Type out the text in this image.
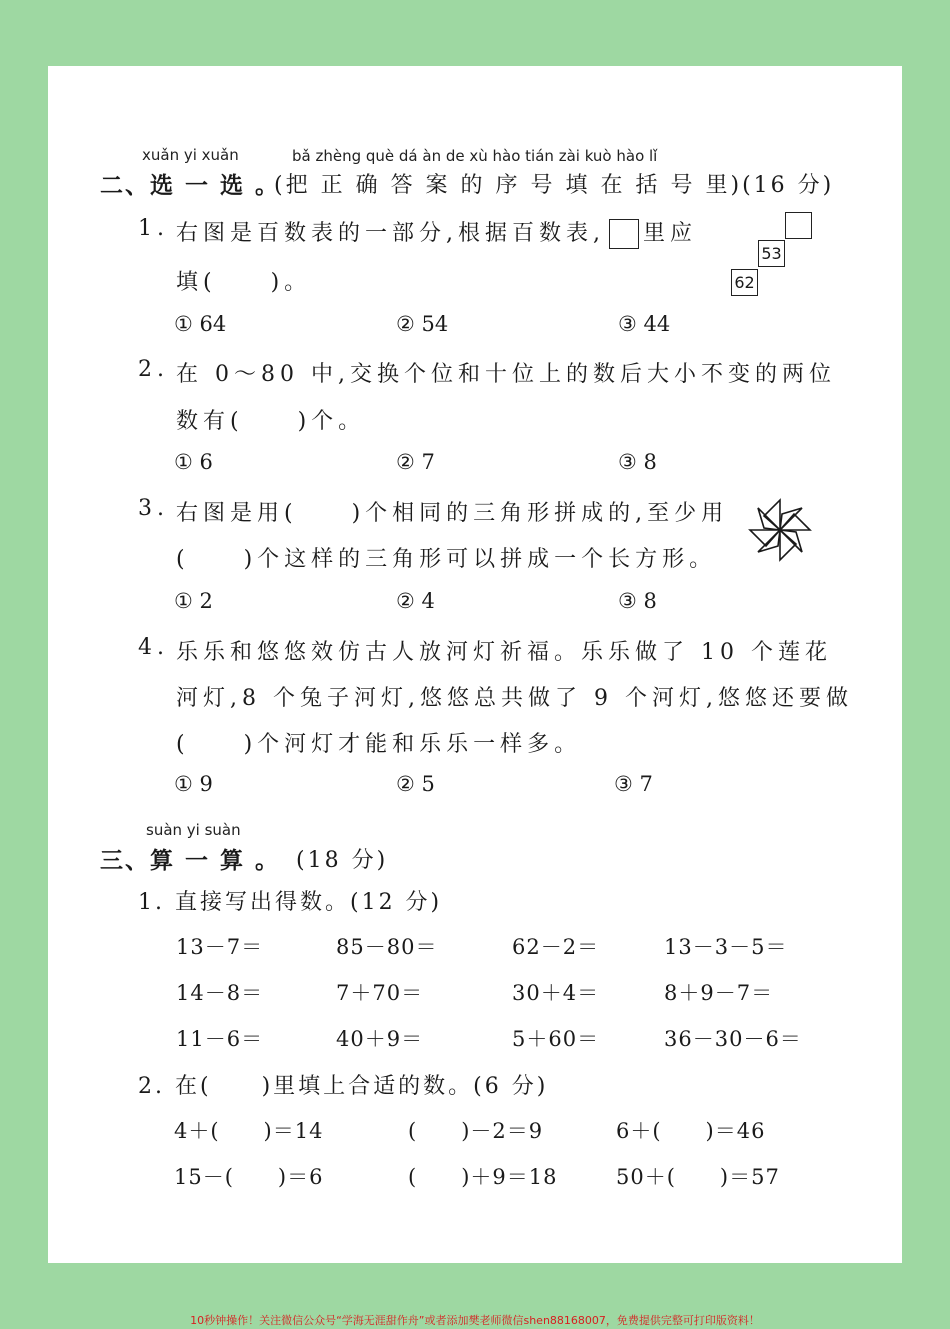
xuǎn yi xuǎn	bǎ zhèng què dá àn de xù hào tián zài kuò hào lǐ
二、选 一 选 。
(把 正 确 答 案 的 序 号 填 在 括 号 里)(16 分)
1. 右图是百数表的一部分,根据百数表, 里应
填(　　)。
53
62
① 64	② 54	③ 44
2. 在 0～80 中,交换个位和十位上的数后大小不变的两位
数有(　　)个。
① 6	② 7	③ 8
3. 右图是用(　　)个相同的三角形拼成的,至少用
(　　)个这样的三角形可以拼成一个长方形。
① 2	② 4	③ 8
4. 乐乐和悠悠效仿古人放河灯祈福。乐乐做了 10 个莲花
河灯,8 个兔子河灯,悠悠总共做了 9 个河灯,悠悠还要做
(　　)个河灯才能和乐乐一样多。
① 9	② 5	③ 7
suàn yi suàn
三、算 一 算 。 (18 分)
1. 直接写出得数。(12 分)
13－7＝	85－80＝	62－2＝	13－3－5＝
14－8＝	7＋70＝	30＋4＝	8＋9－7＝
11－6＝	40＋9＝	5＋60＝	36－30－6＝
2. 在(　　)里填上合适的数。(6 分)
4＋(　　)＝14	(　　)－2＝9	6＋(　　)＝46
15－(　　)＝6	(　　)＋9＝18	50＋(　　)＝57
10秒钟操作！关注微信公众号“学海无涯甜作舟”或者添加樊老师微信shen88168007，免费提供完整可打印版资料！
